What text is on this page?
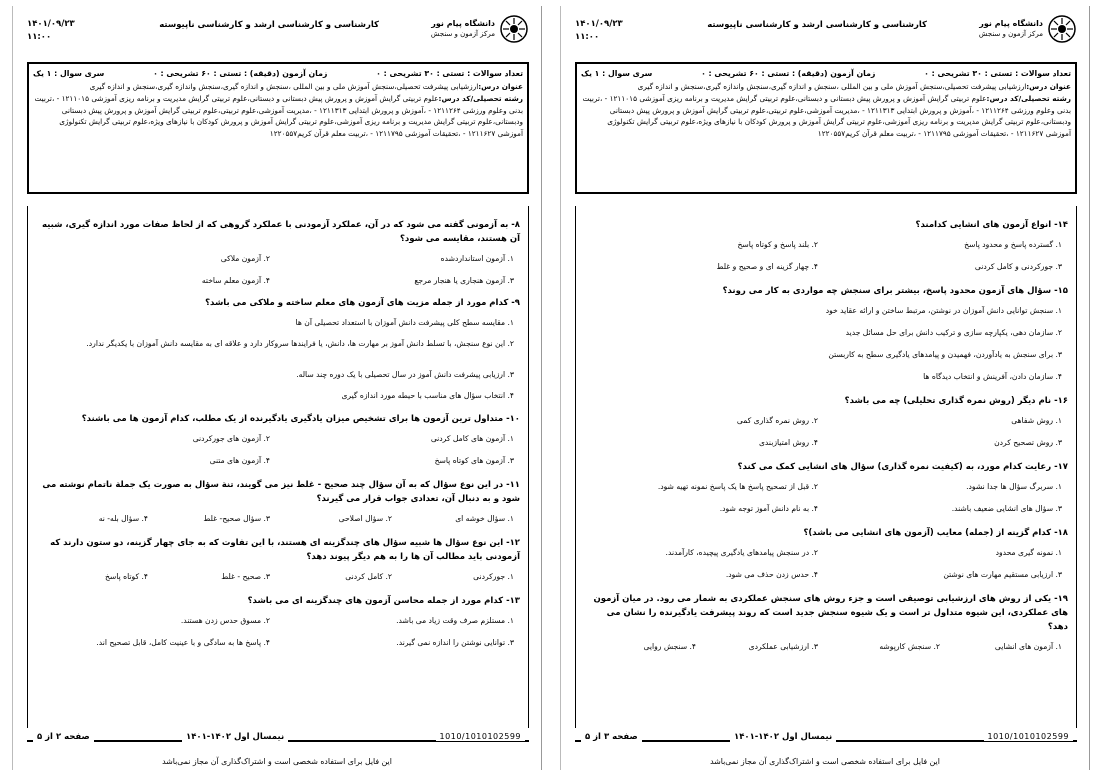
دانشگاه پیام نور
مرکز آزمون و سنجش
کارشناسی و کارشناسی ارشد و کارشناسی ناپیوسته
۱۴۰۱/۰۹/۲۳
۱۱:۰۰
تعداد سوالات : تستی : ۳۰ تشریحی : ۰
زمان آزمون (دقیقه) : تستی : ۶۰ تشریحی : ۰
سری سوال : ۱ یک

عنوان درس:ارزشیابی پیشرفت تحصیلی،سنجش آموزش ملی و بین المللی ،سنجش و اندازه گیری،سنجش واندازه گیری،سنجش و اندازه گیری

رشته تحصیلی/کد درس:علوم تربیتی گرایش آموزش و پرورش پیش دبستانی و دبستانی،علوم تربیتی گرایش مدیریت و برنامه ریزی آموزشی ۱۲۱۱۰۱۵ - ،تربیت بدنی وعلوم ورزشی ۱۲۱۱۲۶۴ - ،آموزش و پرورش ابتدایی ۱۲۱۱۳۱۳ - ،مدیریت آموزشی،علوم تربیتی،علوم تربیتی گرایش آموزش و پرورش پیش دبستانی ودبستانی،علوم تربیتی گرایش مدیریت و برنامه ریزی آموزشی،علوم تربیتی گرایش آموزش و پرورش کودکان با نیازهای ویژه،علوم تربیتی گرایش تکنولوژی آموزشی ۱۲۱۱۶۲۷ - ،تحقیقات آموزشی ۱۲۱۱۷۹۵ - ،تربیت معلم قرآن کریم۱۲۲۰۵۵۷

۸- به آزمونی گفته می شود که در آن، عملکرد آزمودنی با عملکرد گروهی که از لحاظ صفات مورد اندازه گیری، شبیه آن هستند، مقایسه می شود؟
۱. آزمون استانداردشده
۲. آزمون ملاکی
۳. آزمون هنجاری یا هنجار مرجع
۴. آزمون معلم ساخته
۹- کدام مورد از جمله مزیت های آزمون های معلم ساخته و ملاکی می باشد؟
۱. مقایسه سطح کلی پیشرفت دانش آموزان با استعداد تحصیلی آن ها
۲. این نوع سنجش، با تسلط دانش آموز بر مهارت ها، دانش، یا فرایندها سروکار دارد و علاقه ای به مقایسه دانش آموزان با یکدیگر ندارد.
۳. ارزیابی پیشرفت دانش آموز در سال تحصیلی با یک دوره چند ساله.
۴. انتخاب سؤال های مناسب با حیطه مورد اندازه گیری
۱۰- متداول ترین آزمون ها برای تشخیص میزان یادگیری یادگیرنده از یک مطلب، کدام آزمون ها می باشند؟
۱. آزمون های کامل کردنی
۲. آزمون های جورکردنی
۳. آزمون های کوتاه پاسخ
۴. آزمون های متنی
۱۱- در این نوع سؤال که به آن سؤال چند صحیح - غلط نیز می گویند، تنة سؤال به صورت یک جملة ناتمام نوشته می شود و به دنبال آن، تعدادی جواب قرار می گیرند؟
۱. سؤال خوشه ای
۲. سؤال اصلاحی
۳. سؤال صحیح- غلط
۴. سؤال بله- نه
۱۲- این نوع سؤال ها شبیه سؤال های چندگزینه ای هستند، با این تفاوت که به جای چهار گزینه، دو ستون دارند که آزمودنی باید مطالب آن ها را به هم دیگر پیوند دهد؟
۱. جورکردنی
۲. کامل کردنی
۳. صحیح - غلط
۴. کوتاه پاسخ
۱۳- کدام مورد از جمله محاسن آزمون های چندگزینه ای می باشد؟
۱. مستلزم صرف وقت زیاد می باشد.
۲. مسوق حدس زدن هستند.
۳. توانایی نوشتن را اندازه نمی گیرند.
۴. پاسخ ها به سادگی و با عینیت کامل، قابل تصحیح اند.
1010/1010102599
نیمسال اول ۱۴۰۲-۱۴۰۱
صفحه ۲ از ۵
این فایل برای استفاده شخصی است و اشتراک‌گذاری آن مجاز نمی‌باشد
دانشگاه پیام نور
مرکز آزمون و سنجش
کارشناسی و کارشناسی ارشد و کارشناسی ناپیوسته
۱۴۰۱/۰۹/۲۳
۱۱:۰۰
تعداد سوالات : تستی : ۳۰ تشریحی : ۰
زمان آزمون (دقیقه) : تستی : ۶۰ تشریحی : ۰
سری سوال : ۱ یک

عنوان درس:ارزشیابی پیشرفت تحصیلی،سنجش آموزش ملی و بین المللی ،سنجش و اندازه گیری،سنجش واندازه گیری،سنجش و اندازه گیری

رشته تحصیلی/کد درس:علوم تربیتی گرایش آموزش و پرورش پیش دبستانی و دبستانی،علوم تربیتی گرایش مدیریت و برنامه ریزی آموزشی ۱۲۱۱۰۱۵ - ،تربیت بدنی وعلوم ورزشی ۱۲۱۱۲۶۴ - ،آموزش و پرورش ابتدایی ۱۲۱۱۳۱۳ - ،مدیریت آموزشی،علوم تربیتی،علوم تربیتی گرایش آموزش و پرورش پیش دبستانی ودبستانی،علوم تربیتی گرایش مدیریت و برنامه ریزی آموزشی،علوم تربیتی گرایش آموزش و پرورش کودکان با نیازهای ویژه،علوم تربیتی گرایش تکنولوژی آموزشی ۱۲۱۱۶۲۷ - ،تحقیقات آموزشی ۱۲۱۱۷۹۵ - ،تربیت معلم قرآن کریم۱۲۲۰۵۵۷

۱۴- انواع آزمون های انشایی کدامند؟
۱. گسترده پاسخ و محدود پاسخ
۲. بلند پاسخ و کوتاه پاسخ
۳. جورکردنی و کامل کردنی
۴. چهار گزینه ای و صحیح و غلط
۱۵- سؤال های آزمون محدود پاسخ، بیشتر برای سنجش چه مواردی به کار می روند؟
۱. سنجش توانایی دانش آموزان در نوشتن، مرتبط ساختن و ارائه عقاید خود
۲. سازمان دهی، یکپارچه سازی و ترکیب دانش برای حل مسائل جدید
۳. برای سنجش به یادآوردن، فهمیدن و پیامدهای یادگیری سطح به کاربستن
۴. سازمان دادن، آفرینش و انتخاب دیدگاه ها
۱۶- نام دیگر (روش نمره گذاری تحلیلی) چه می باشد؟
۱. روش شفاهی
۲. روش نمره گذاری کمی
۳. روش تصحیح کردن
۴. روش امتیازبندی
۱۷- رعایت کدام مورد، به (کیفیت نمره گذاری) سؤال های انشایی کمک می کند؟
۱. سربرگ سؤال ها جدا نشود.
۲. قبل از تصحیح پاسخ ها یک پاسخ نمونه تهیه شود.
۳. سؤال های انشایی ضعیف باشند.
۴. به نام دانش آموز توجه شود.
۱۸- کدام گزینه از (جمله) معایب (آزمون های انشایی می باشد)؟
۱. نمونه گیری محدود
۲. در سنجش پیامدهای یادگیری پیچیده، کارآمدند.
۳. ارزیابی مستقیم مهارت های نوشتن
۴. حدس زدن حذف می شود.
۱۹- یکی از روش های ارزشیابی توصیفی است و جزء روش های سنجش عملکردی به شمار می رود. در میان آزمون های عملکردی، این شیوه متداول تر است و یک شیوه سنجش جدید است که روند پیشرفت یادگیرنده را نشان می دهد؟
۱. آزمون های انشایی
۲. سنجش کارپوشه
۳. ارزشیابی عملکردی
۴. سنجش روایی
1010/1010102599
نیمسال اول ۱۴۰۲-۱۴۰۱
صفحه ۳ از ۵
این فایل برای استفاده شخصی است و اشتراک‌گذاری آن مجاز نمی‌باشد
